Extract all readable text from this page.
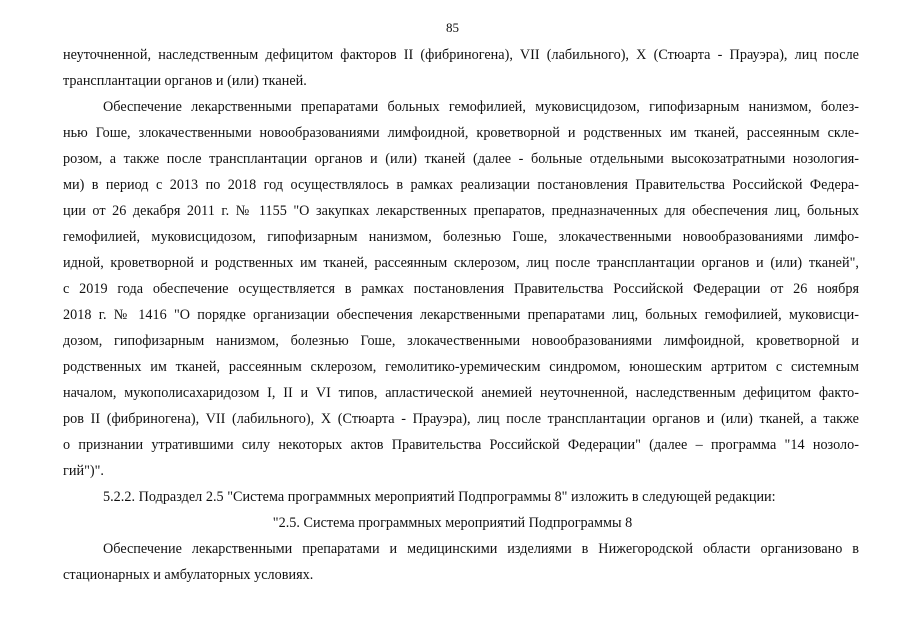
85
неуточненной, наследственным дефицитом факторов II (фибриногена), VII (лабильного), X (Стюарта - Прауэра), лиц после
трансплантации органов и (или) тканей.
Обеспечение лекарственными препаратами больных гемофилией, муковисцидозом, гипофизарным нанизмом, болез-
нью Гоше, злокачественными новообразованиями лимфоидной, кроветворной и родственных им тканей, рассеянным скле-
розом, а также после трансплантации органов и (или) тканей (далее - больные отдельными высокозатратными нозология-
ми) в период с 2013 по 2018 год осуществлялось в рамках реализации постановления Правительства Российской Федера-
ции от 26 декабря 2011 г. № 1155 "О закупках лекарственных препаратов, предназначенных для обеспечения лиц, больных
гемофилией, муковисцидозом, гипофизарным нанизмом, болезнью Гоше, злокачественными новообразованиями лимфо-
идной, кроветворной и родственных им тканей, рассеянным склерозом, лиц после трансплантации органов и (или) тканей",
с 2019 года обеспечение осуществляется в рамках постановления Правительства Российской Федерации от 26 ноября
2018 г. № 1416 "О порядке организации обеспечения лекарственными препаратами лиц, больных гемофилией, муковисци-
дозом, гипофизарным нанизмом, болезнью Гоше, злокачественными новообразованиями лимфоидной, кроветворной и
родственных им тканей, рассеянным склерозом, гемолитико-уремическим синдромом, юношеским артритом с системным
началом, мукополисахаридозом I, II и VI типов, апластической анемией неуточненной, наследственным дефицитом факто-
ров II (фибриногена), VII (лабильного), X (Стюарта - Прауэра), лиц после трансплантации органов и (или) тканей, а также
о признании утратившими силу некоторых актов Правительства Российской Федерации" (далее – программа "14 нозоло-
гий")".
5.2.2. Подраздел 2.5 "Система программных мероприятий Подпрограммы 8" изложить в следующей редакции:
"2.5. Система программных мероприятий Подпрограммы 8
Обеспечение лекарственными препаратами и медицинскими изделиями в Нижегородской области организовано в
стационарных и амбулаторных условиях.
